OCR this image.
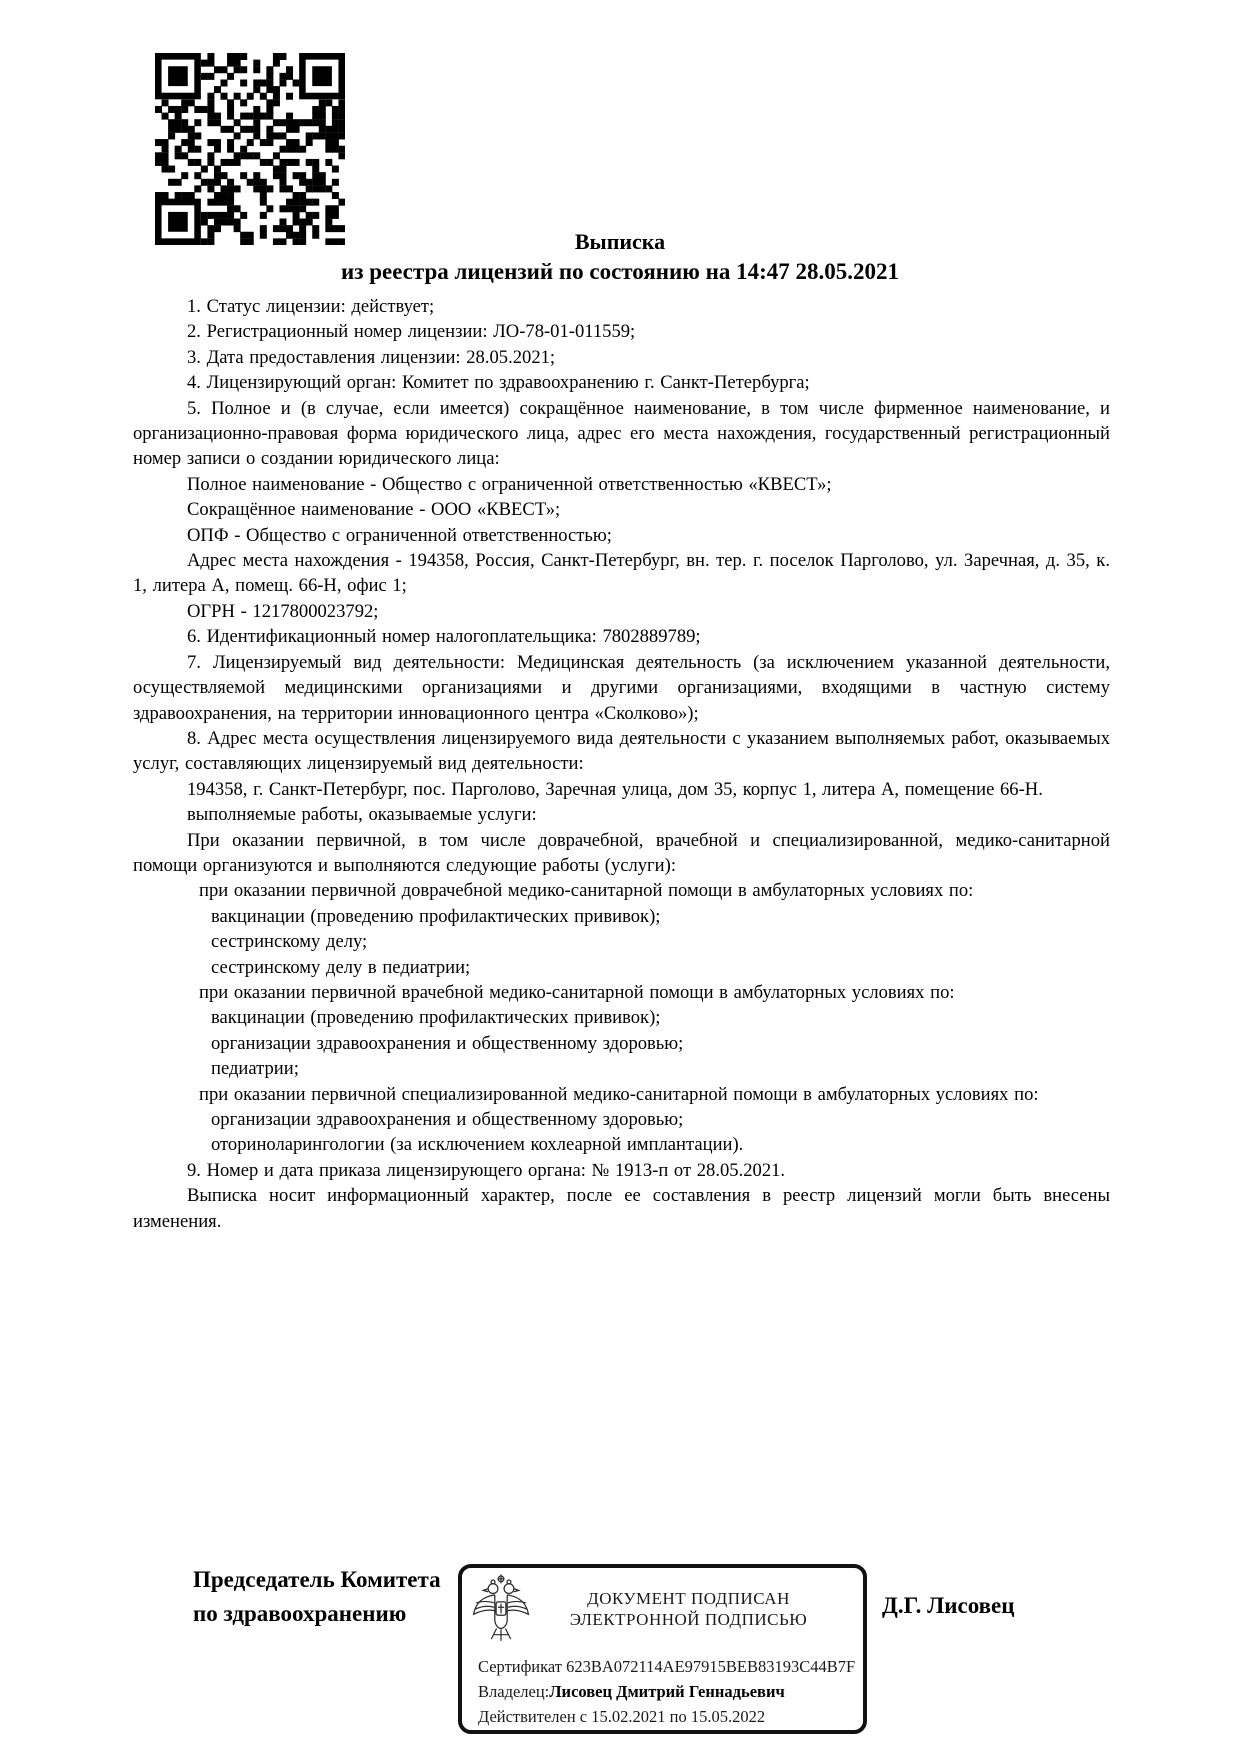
Выписка
из реестра лицензий по состоянию на 14:47 28.05.2021

1. Статус лицензии: действует;

2. Регистрационный номер лицензии: ЛО-78-01-011559;

3. Дата предоставления лицензии: 28.05.2021;

4. Лицензирующий орган: Комитет по здравоохранению г. Санкт-Петербурга;

5. Полное и (в случае, если имеется) сокращённое наименование, в том числе фирменное наименование, и организационно-правовая форма юридического лица, адрес его места нахождения, государственный регистрационный номер записи о создании юридического лица:

Полное наименование - Общество с ограниченной ответственностью «КВЕСТ»;

Сокращённое наименование - ООО «КВЕСТ»;

ОПФ - Общество с ограниченной ответственностью;

Адрес места нахождения - 194358, Россия, Санкт-Петербург, вн. тер. г. поселок Парголово, ул. Заречная, д. 35, к. 1, литера А, помещ. 66-Н, офис 1;

ОГРН - 1217800023792;

6. Идентификационный номер налогоплательщика: 7802889789;

7. Лицензируемый вид деятельности: Медицинская деятельность (за исключением указанной деятельности, осуществляемой медицинскими организациями и другими организациями, входящими в частную систему здравоохранения, на территории инновационного центра «Сколково»);

8. Адрес места осуществления лицензируемого вида деятельности с указанием выполняемых работ, оказываемых услуг, составляющих лицензируемый вид деятельности:

194358, г. Санкт-Петербург, пос. Парголово, Заречная улица, дом 35, корпус 1, литера А, помещение 66-Н.

выполняемые работы, оказываемые услуги:

При оказании первичной, в том числе доврачебной, врачебной и специализированной, медико-санитарной помощи организуются и выполняются следующие работы (услуги):

при оказании первичной доврачебной медико-санитарной помощи в амбулаторных условиях по:

вакцинации (проведению профилактических прививок);

сестринскому делу;

сестринскому делу в педиатрии;

при оказании первичной врачебной медико-санитарной помощи в амбулаторных условиях по:

вакцинации (проведению профилактических прививок);

организации здравоохранения и общественному здоровью;

педиатрии;

при оказании первичной специализированной медико-санитарной помощи в амбулаторных условиях по:

организации здравоохранения и общественному здоровью;

оториноларингологии (за исключением кохлеарной имплантации).

9. Номер и дата приказа лицензирующего органа: № 1913-п от 28.05.2021.

Выписка носит информационный характер, после ее составления в реестр лицензий могли быть внесены изменения.

Председатель Комитета
по здравоохранению
ДОКУМЕНТ ПОДПИСАН
ЭЛЕКТРОННОЙ ПОДПИСЬЮ
Сертификат 623BA072114AE97915BEB83193C44B7F
Владелец:Лисовец Дмитрий Геннадьевич
Действителен с 15.02.2021 по 15.05.2022
Д.Г. Лисовец
